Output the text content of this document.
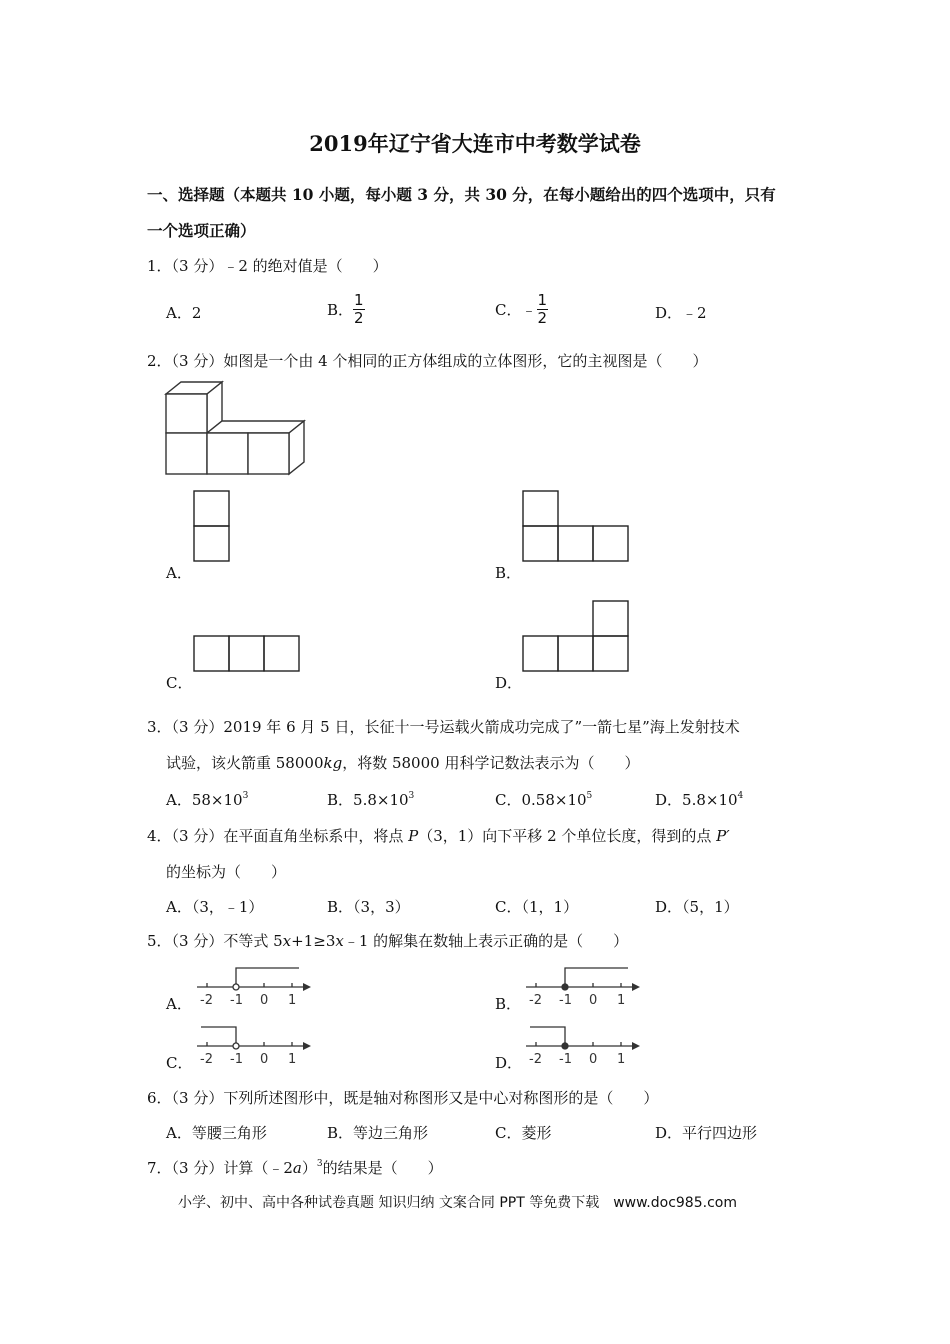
2019年辽宁省大连市中考数学试卷
一、选择题（本题共 10 小题，每小题 3 分，共 30 分，在每小题给出的四个选项中，只有
一个选项正确）
1．（3 分）﹣2 的绝对值是（　　）
A．2	B． $\frac{1}{2}$	C．﹣ $\frac{1}{2}$	D．﹣2
2．（3 分）如图是一个由 4 个相同的正方体组成的立体图形，它的主视图是（　　）
A．	B．
C．	D．
3．（3 分）2019 年 6 月 5 日，长征十一号运载火箭成功完成了”一箭七星”海上发射技术
试验，该火箭重 58000kg，将数 58000 用科学记数法表示为（　　）
A．$58\times 10^3$	B．$5.8\times 10^3$	C．$0.58\times 10^5$	D．$5.8\times 10^4$
4．（3 分）在平面直角坐标系中，将点 P（3，1）向下平移 2 个单位长度，得到的点 P′
的坐标为（　　）
A．（3，﹣1）	B．（3，3）	C．（1，1）	D．（5，1）
5．（3 分）不等式 5x+1≥3x﹣1 的解集在数轴上表示正确的是（　　）
A．	B．
C．	D．
-2 -1 0 1	-2 -1 0 1
-2 -1 0 1	-2 -1 0 1
6．（3 分）下列所述图形中，既是轴对称图形又是中心对称图形的是（　　）
A．等腰三角形	B．等边三角形	C．菱形	D．平行四边形
7．（3 分）计算（﹣2a）$^3$的结果是（　　）
小学、初中、高中各种试卷真题 知识归纳 文案合同 PPT 等免费下载　www.doc985.com
